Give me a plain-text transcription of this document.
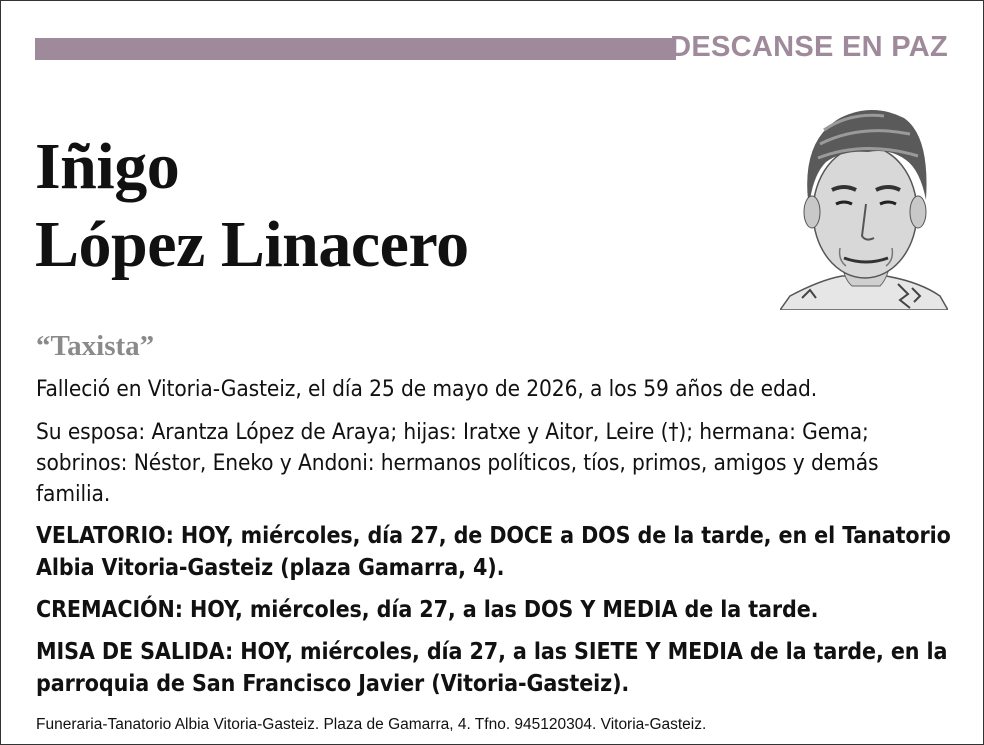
DESCANSE EN PAZ
Iñigo
López Linacero
“Taxista”
Falleció en Vitoria-Gasteiz, el día 25 de mayo de 2026, a los 59 años de edad.
Su esposa: Arantza López de Araya; hijas: Iratxe y Aitor, Leire (†); hermana: Gema; sobrinos: Néstor, Eneko y Andoni: hermanos políticos, tíos, primos, amigos y demás familia.
VELATORIO: HOY, miércoles, día 27, de DOCE a DOS de la tarde, en el Tanatorio Albia Vitoria-Gasteiz (plaza Gamarra, 4).
CREMACIÓN: HOY, miércoles, día 27, a las DOS Y MEDIA de la tarde.
MISA DE SALIDA: HOY, miércoles, día 27, a las SIETE Y MEDIA de la tarde, en la parroquia de San Francisco Javier (Vitoria-Gasteiz).
Funeraria-Tanatorio Albia Vitoria-Gasteiz. Plaza de Gamarra, 4. Tfno. 945120304. Vitoria-Gasteiz.
